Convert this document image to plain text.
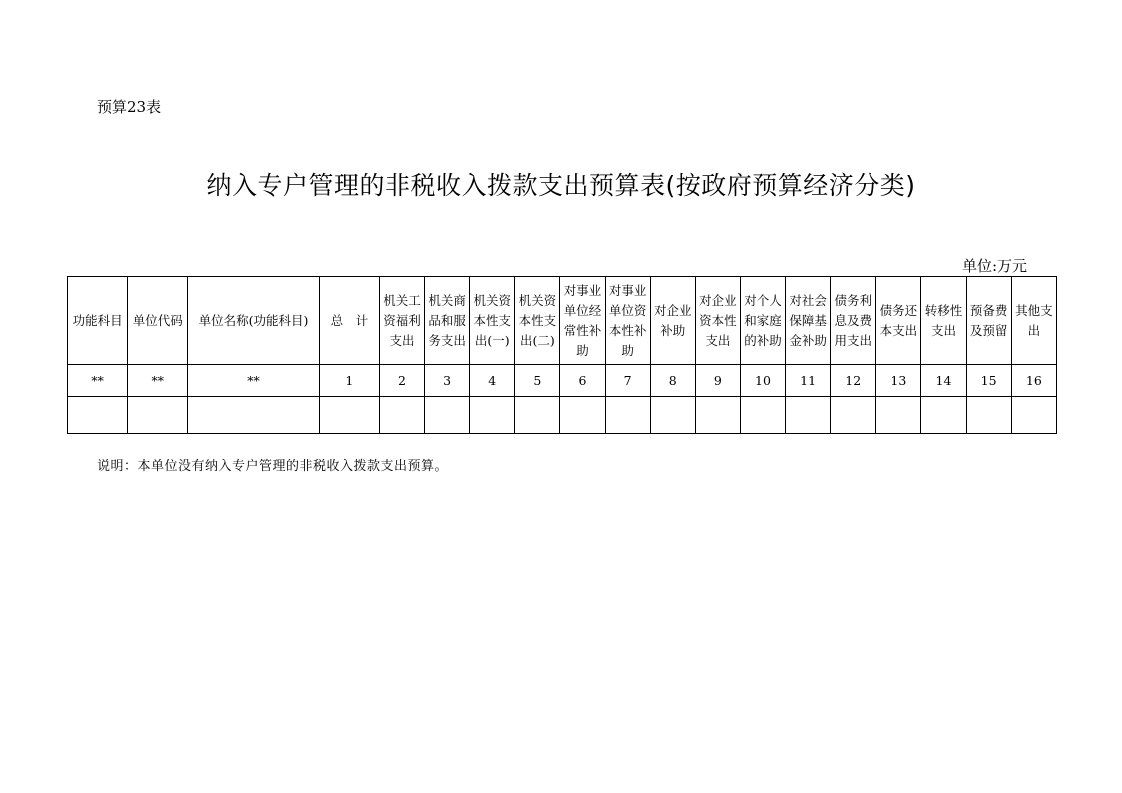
预算23表
纳入专户管理的非税收入拨款支出预算表(按政府预算经济分类)
单位:万元
功能科目	单位代码	单位名称(功能科目)	总　计	机关工资福利支出	机关商品和服务支出	机关资本性支出(一)	机关资本性支出(二)	对事业单位经常性补助	对事业单位资本性补助	对企业补助	对企业资本性支出	对个人和家庭的补助	对社会保障基金补助	债务利息及费用支出	债务还本支出	转移性支出	预备费及预留	其他支出
**	**	**	1	2	3	4	5	6	7	8	9	10	11	12	13	14	15	16

说明：本单位没有纳入专户管理的非税收入拨款支出预算。
